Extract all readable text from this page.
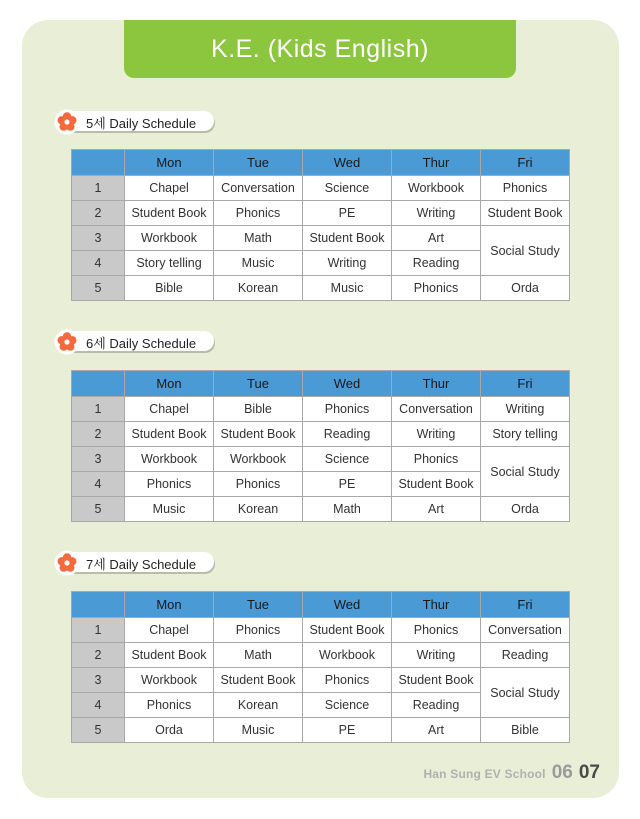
K.E. (Kids English)
5세 Daily Schedule
	Mon	Tue	Wed	Thur	Fri
1	Chapel	Conversation	Science	Workbook	Phonics
2	Student Book	Phonics	PE	Writing	Student Book
3	Workbook	Math	Student Book	Art	Social Study
4	Story telling	Music	Writing	Reading	
5	Bible	Korean	Music	Phonics	Orda
6세 Daily Schedule
	Mon	Tue	Wed	Thur	Fri
1	Chapel	Bible	Phonics	Conversation	Writing
2	Student Book	Student Book	Reading	Writing	Story telling
3	Workbook	Workbook	Science	Phonics	Social Study
4	Phonics	Phonics	PE	Student Book	
5	Music	Korean	Math	Art	Orda
7세 Daily Schedule
	Mon	Tue	Wed	Thur	Fri
1	Chapel	Phonics	Student Book	Phonics	Conversation
2	Student Book	Math	Workbook	Writing	Reading
3	Workbook	Student Book	Phonics	Student Book	Social Study
4	Phonics	Korean	Science	Reading	
5	Orda	Music	PE	Art	Bible
Han Sung EV School 06 07
